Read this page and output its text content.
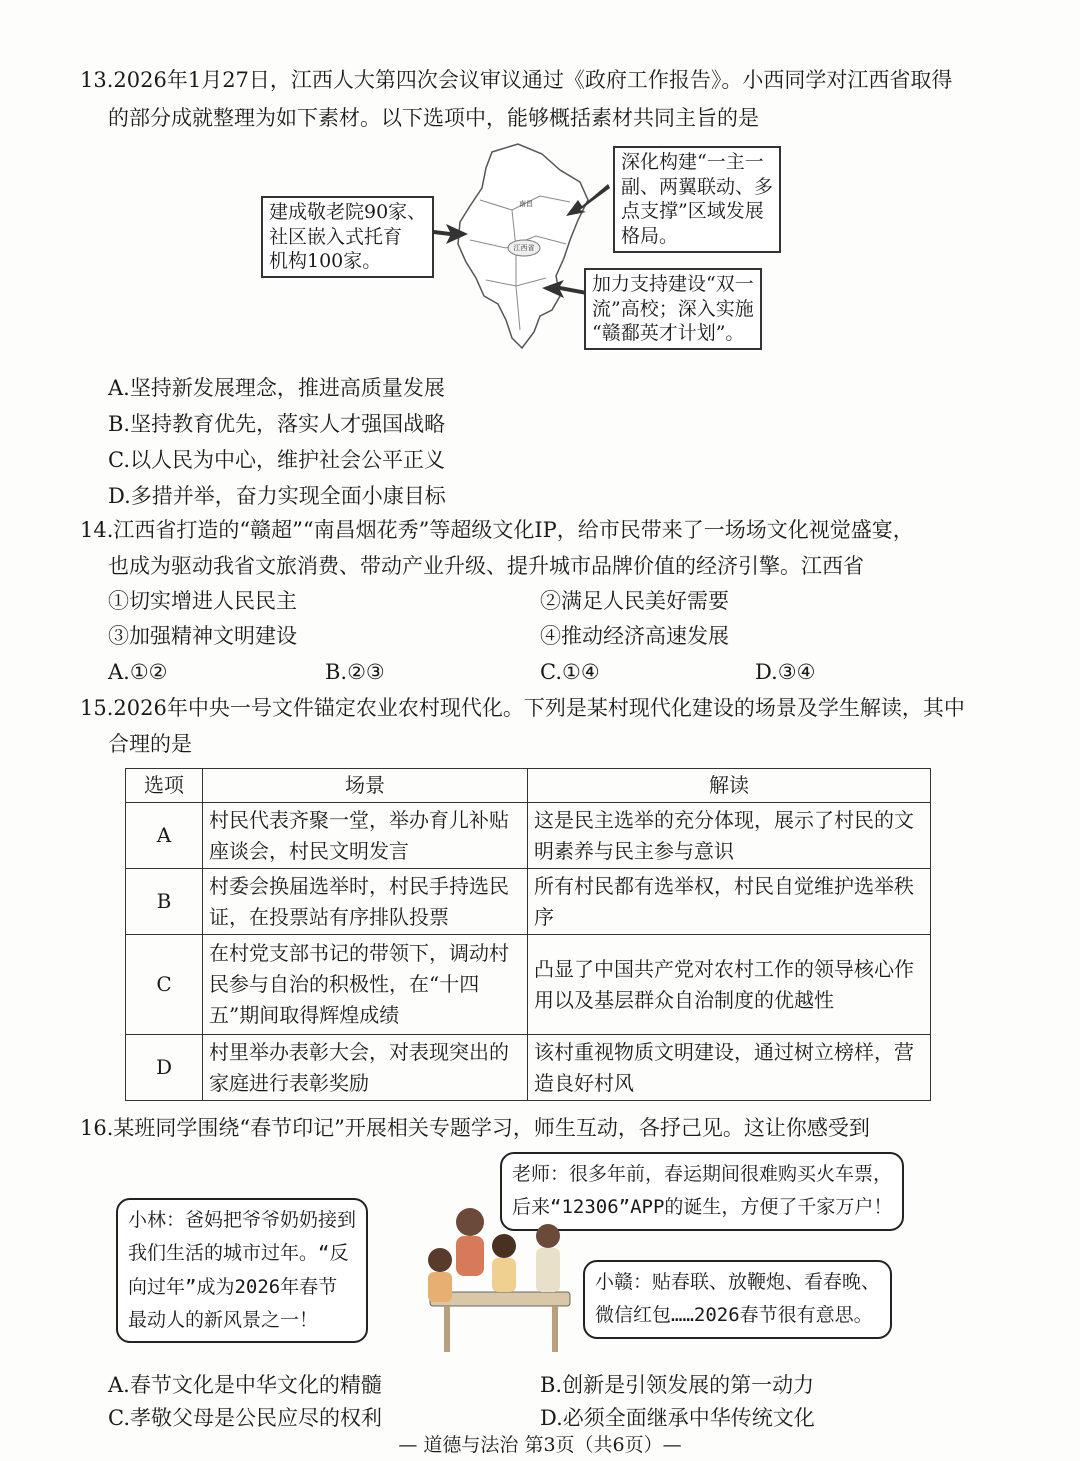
13.2026年1月27日，江西人大第四次会议审议通过《政府工作报告》。小西同学对江西省取得
的部分成就整理为如下素材。以下选项中，能够概括素材共同主旨的是
江西省
南昌
建成敬老院90家、
社区嵌入式托育
机构100家。
深化构建“一主一
副、两翼联动、多
点支撑”区域发展
格局。
加力支持建设“双一
流”高校；深入实施
“赣鄱英才计划”。
A.坚持新发展理念，推进高质量发展
B.坚持教育优先，落实人才强国战略
C.以人民为中心，维护社会公平正义
D.多措并举，奋力实现全面小康目标
14.江西省打造的“赣超”“南昌烟花秀”等超级文化IP，给市民带来了一场场文化视觉盛宴，
也成为驱动我省文旅消费、带动产业升级、提升城市品牌价值的经济引擎。江西省
①切实增进人民民主	②满足人民美好需要
③加强精神文明建设	④推动经济高速发展
A.①②	B.②③	C.①④	D.③④
15.2026年中央一号文件锚定农业农村现代化。下列是某村现代化建设的场景及学生解读，其中
合理的是
选项	场景	解读
A	村民代表齐聚一堂，举办育儿补贴座谈会，村民文明发言	这是民主选举的充分体现，展示了村民的文明素养与民主参与意识
B	村委会换届选举时，村民手持选民证，在投票站有序排队投票	所有村民都有选举权，村民自觉维护选举秩序
C	在村党支部书记的带领下，调动村民参与自治的积极性，在“十四五”期间取得辉煌成绩	凸显了中国共产党对农村工作的领导核心作用以及基层群众自治制度的优越性
D	村里举办表彰大会，对表现突出的家庭进行表彰奖励	该村重视物质文明建设，通过树立榜样，营造良好村风
16.某班同学围绕“春节印记”开展相关专题学习，师生互动，各抒己见。这让你感受到
老师：很多年前，春运期间很难购买火车票，
后来“12306”APP的诞生，方便了千家万户！
小林：爸妈把爷爷奶奶接到
我们生活的城市过年。“反
向过年”成为2026年春节
最动人的新风景之一！
小赣：贴春联、放鞭炮、看春晚、
微信红包……2026春节很有意思。
A.春节文化是中华文化的精髓	B.创新是引领发展的第一动力
C.孝敬父母是公民应尽的权利	D.必须全面继承中华传统文化
— 道德与法治 第3页（共6页）—
